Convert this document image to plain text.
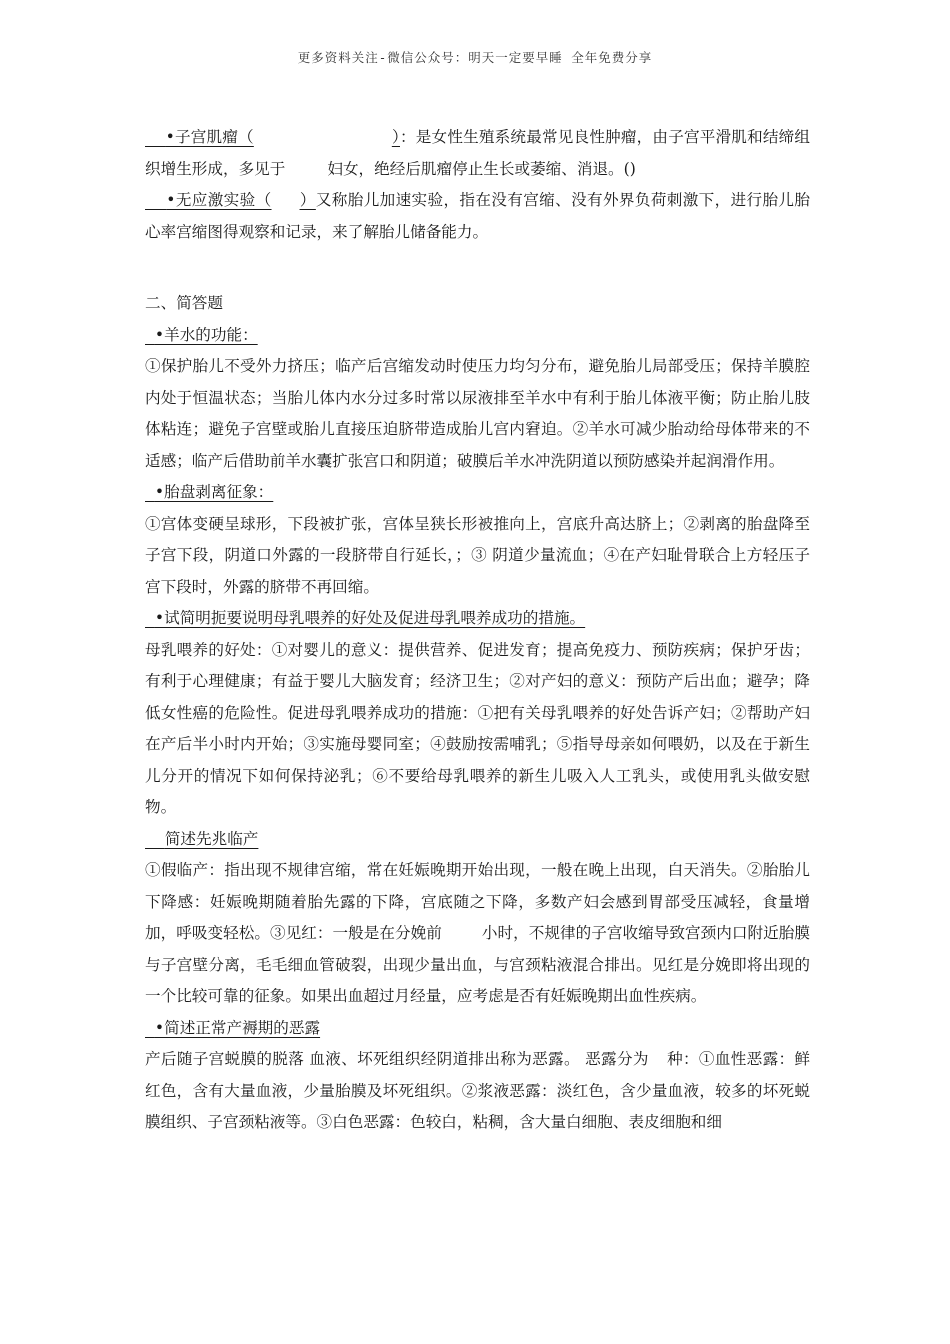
更多资料关注-微信公众号：明天一定要早睡 全年免费分享

•子宫肌瘤（	）：是女性生殖系统最常见良性肿瘤，由子宫平滑肌和结缔组织增生形成，多见于	妇女，绝经后肌瘤停止生长或萎缩、消退。()

•无应激实验（ ）又称胎儿加速实验，指在没有宫缩、没有外界负荷刺激下，进行胎儿胎心率宫缩图得观察和记录，来了解胎儿储备能力。

二、简答题

•羊水的功能：

①保护胎儿不受外力挤压；临产后宫缩发动时使压力均匀分布，避免胎儿局部受压；保持羊膜腔内处于恒温状态；当胎儿体内水分过多时常以尿液排至羊水中有利于胎儿体液平衡；防止胎儿肢体粘连；避免子宫壁或胎儿直接压迫脐带造成胎儿宫内窘迫。②羊水可减少胎动给母体带来的不适感；临产后借助前羊水囊扩张宫口和阴道；破膜后羊水冲洗阴道以预防感染并起润滑作用。

•胎盘剥离征象：

①宫体变硬呈球形，下段被扩张，宫体呈狭长形被推向上，宫底升高达脐上；②剥离的胎盘降至子宫下段，阴道口外露的一段脐带自行延长，；③ 阴道少量流血；④在产妇耻骨联合上方轻压子宫下段时，外露的脐带不再回缩。

•试简明扼要说明母乳喂养的好处及促进母乳喂养成功的措施。

母乳喂养的好处：①对婴儿的意义：提供营养、促进发育；提高免疫力、预防疾病；保护牙齿；有利于心理健康；有益于婴儿大脑发育；经济卫生；②对产妇的意义：预防产后出血；避孕；降低女性癌的危险性。促进母乳喂养成功的措施：①把有关母乳喂养的好处告诉产妇；②帮助产妇在产后半小时内开始；③实施母婴同室；④鼓励按需哺乳；⑤指导母亲如何喂奶，以及在于新生儿分开的情况下如何保持泌乳；⑥不要给母乳喂养的新生儿吸入人工乳头，或使用乳头做安慰物。

简述先兆临产

①假临产：指出现不规律宫缩，常在妊娠晚期开始出现，一般在晚上出现，白天消失。②胎胎儿下降感：妊娠晚期随着胎先露的下降，宫底随之下降，多数产妇会感到胃部受压减轻，食量增加，呼吸变轻松。③见红：一般是在分娩前	小时，不规律的子宫收缩导致宫颈内口附近胎膜与子宫壁分离，毛毛细血管破裂，出现少量出血，与宫颈粘液混合排出。见红是分娩即将出现的一个比较可靠的征象。如果出血超过月经量，应考虑是否有妊娠晚期出血性疾病。

•简述正常产褥期的恶露

产后随子宫蜕膜的脱落 血液、坏死组织经阴道排出称为恶露。 恶露分为 种：①血性恶露：鲜红色，含有大量血液，少量胎膜及坏死组织。②浆液恶露：淡红色，含少量血液，较多的坏死蜕膜组织、子宫颈粘液等。③白色恶露：色较白，粘稠，含大量白细胞、表皮细胞和细
